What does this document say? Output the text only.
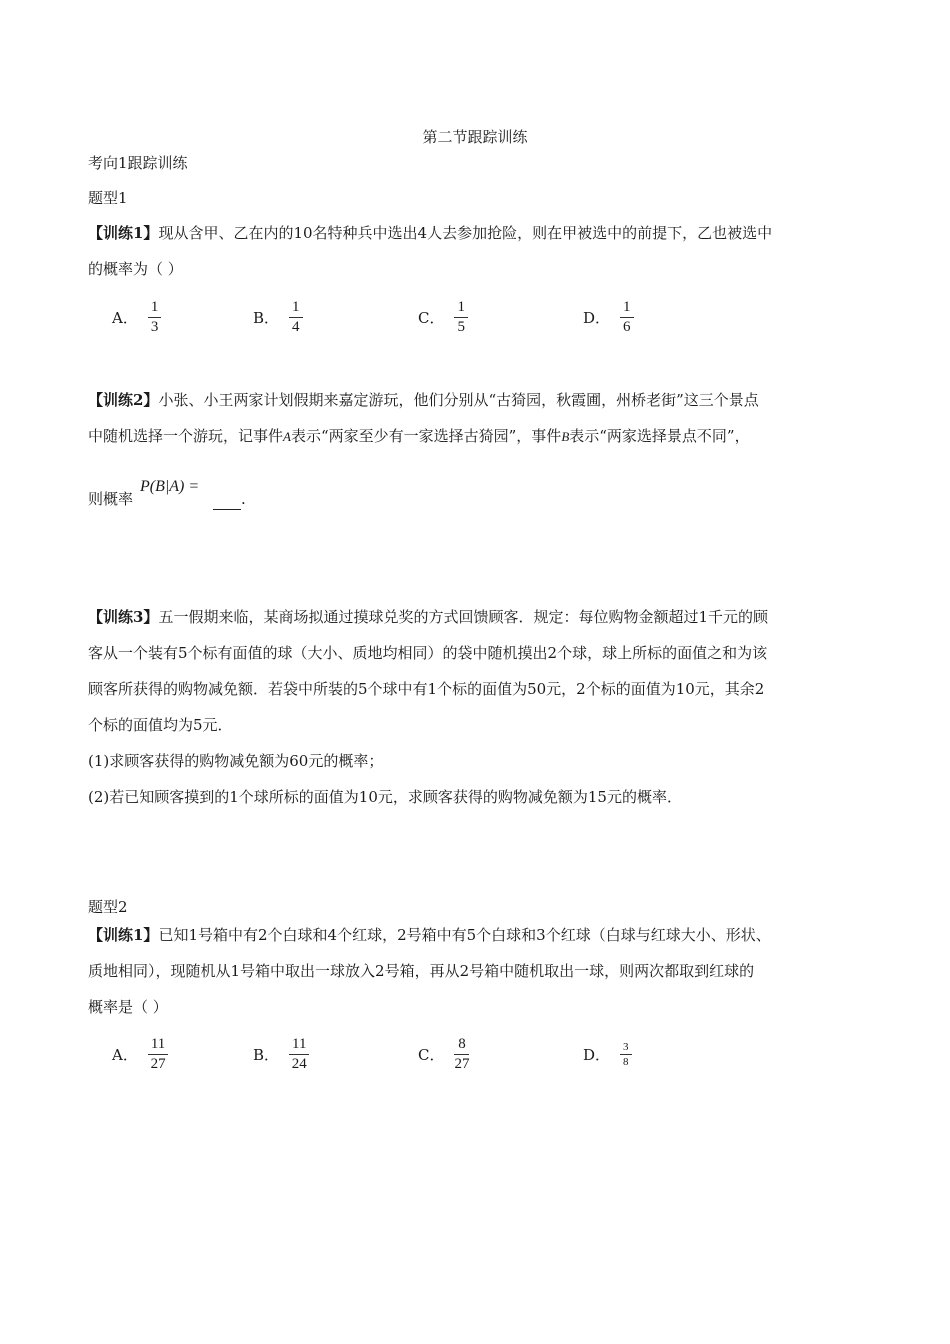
第二节跟踪训练
考向1跟踪训练
题型1
【训练1】现从含甲、乙在内的10名特种兵中选出4人去参加抢险，则在甲被选中的前提下，乙也被选中
的概率为（ ）
A． $\frac{1}{3}$	B． $\frac{1}{4}$	C． $\frac{1}{5}$	D． $\frac{1}{6}$
【训练2】小张、小王两家计划假期来嘉定游玩，他们分别从“古猗园，秋霞圃，州桥老街”这三个景点
中随机选择一个游玩，记事件A表示“两家至少有一家选择古猗园”，事件B表示“两家选择景点不同”，
则概率
P(B|A) =
.
【训练3】五一假期来临，某商场拟通过摸球兑奖的方式回馈顾客．规定：每位购物金额超过1千元的顾
客从一个装有5个标有面值的球（大小、质地均相同）的袋中随机摸出2个球，球上所标的面值之和为该
顾客所获得的购物减免额．若袋中所装的5个球中有1个标的面值为50元，2个标的面值为10元，其余2
个标的面值均为5元．
(1)求顾客获得的购物减免额为60元的概率；
(2)若已知顾客摸到的1个球所标的面值为10元，求顾客获得的购物减免额为15元的概率．
题型2
【训练1】已知1号箱中有2个白球和4个红球，2号箱中有5个白球和3个红球（白球与红球大小、形状、
质地相同），现随机从1号箱中取出一球放入2号箱，再从2号箱中随机取出一球，则两次都取到红球的
概率是（ ）
A． $\frac{11}{27}$	B． $\frac{11}{24}$	C． $\frac{8}{27}$	D． $\frac{3}{8}$
